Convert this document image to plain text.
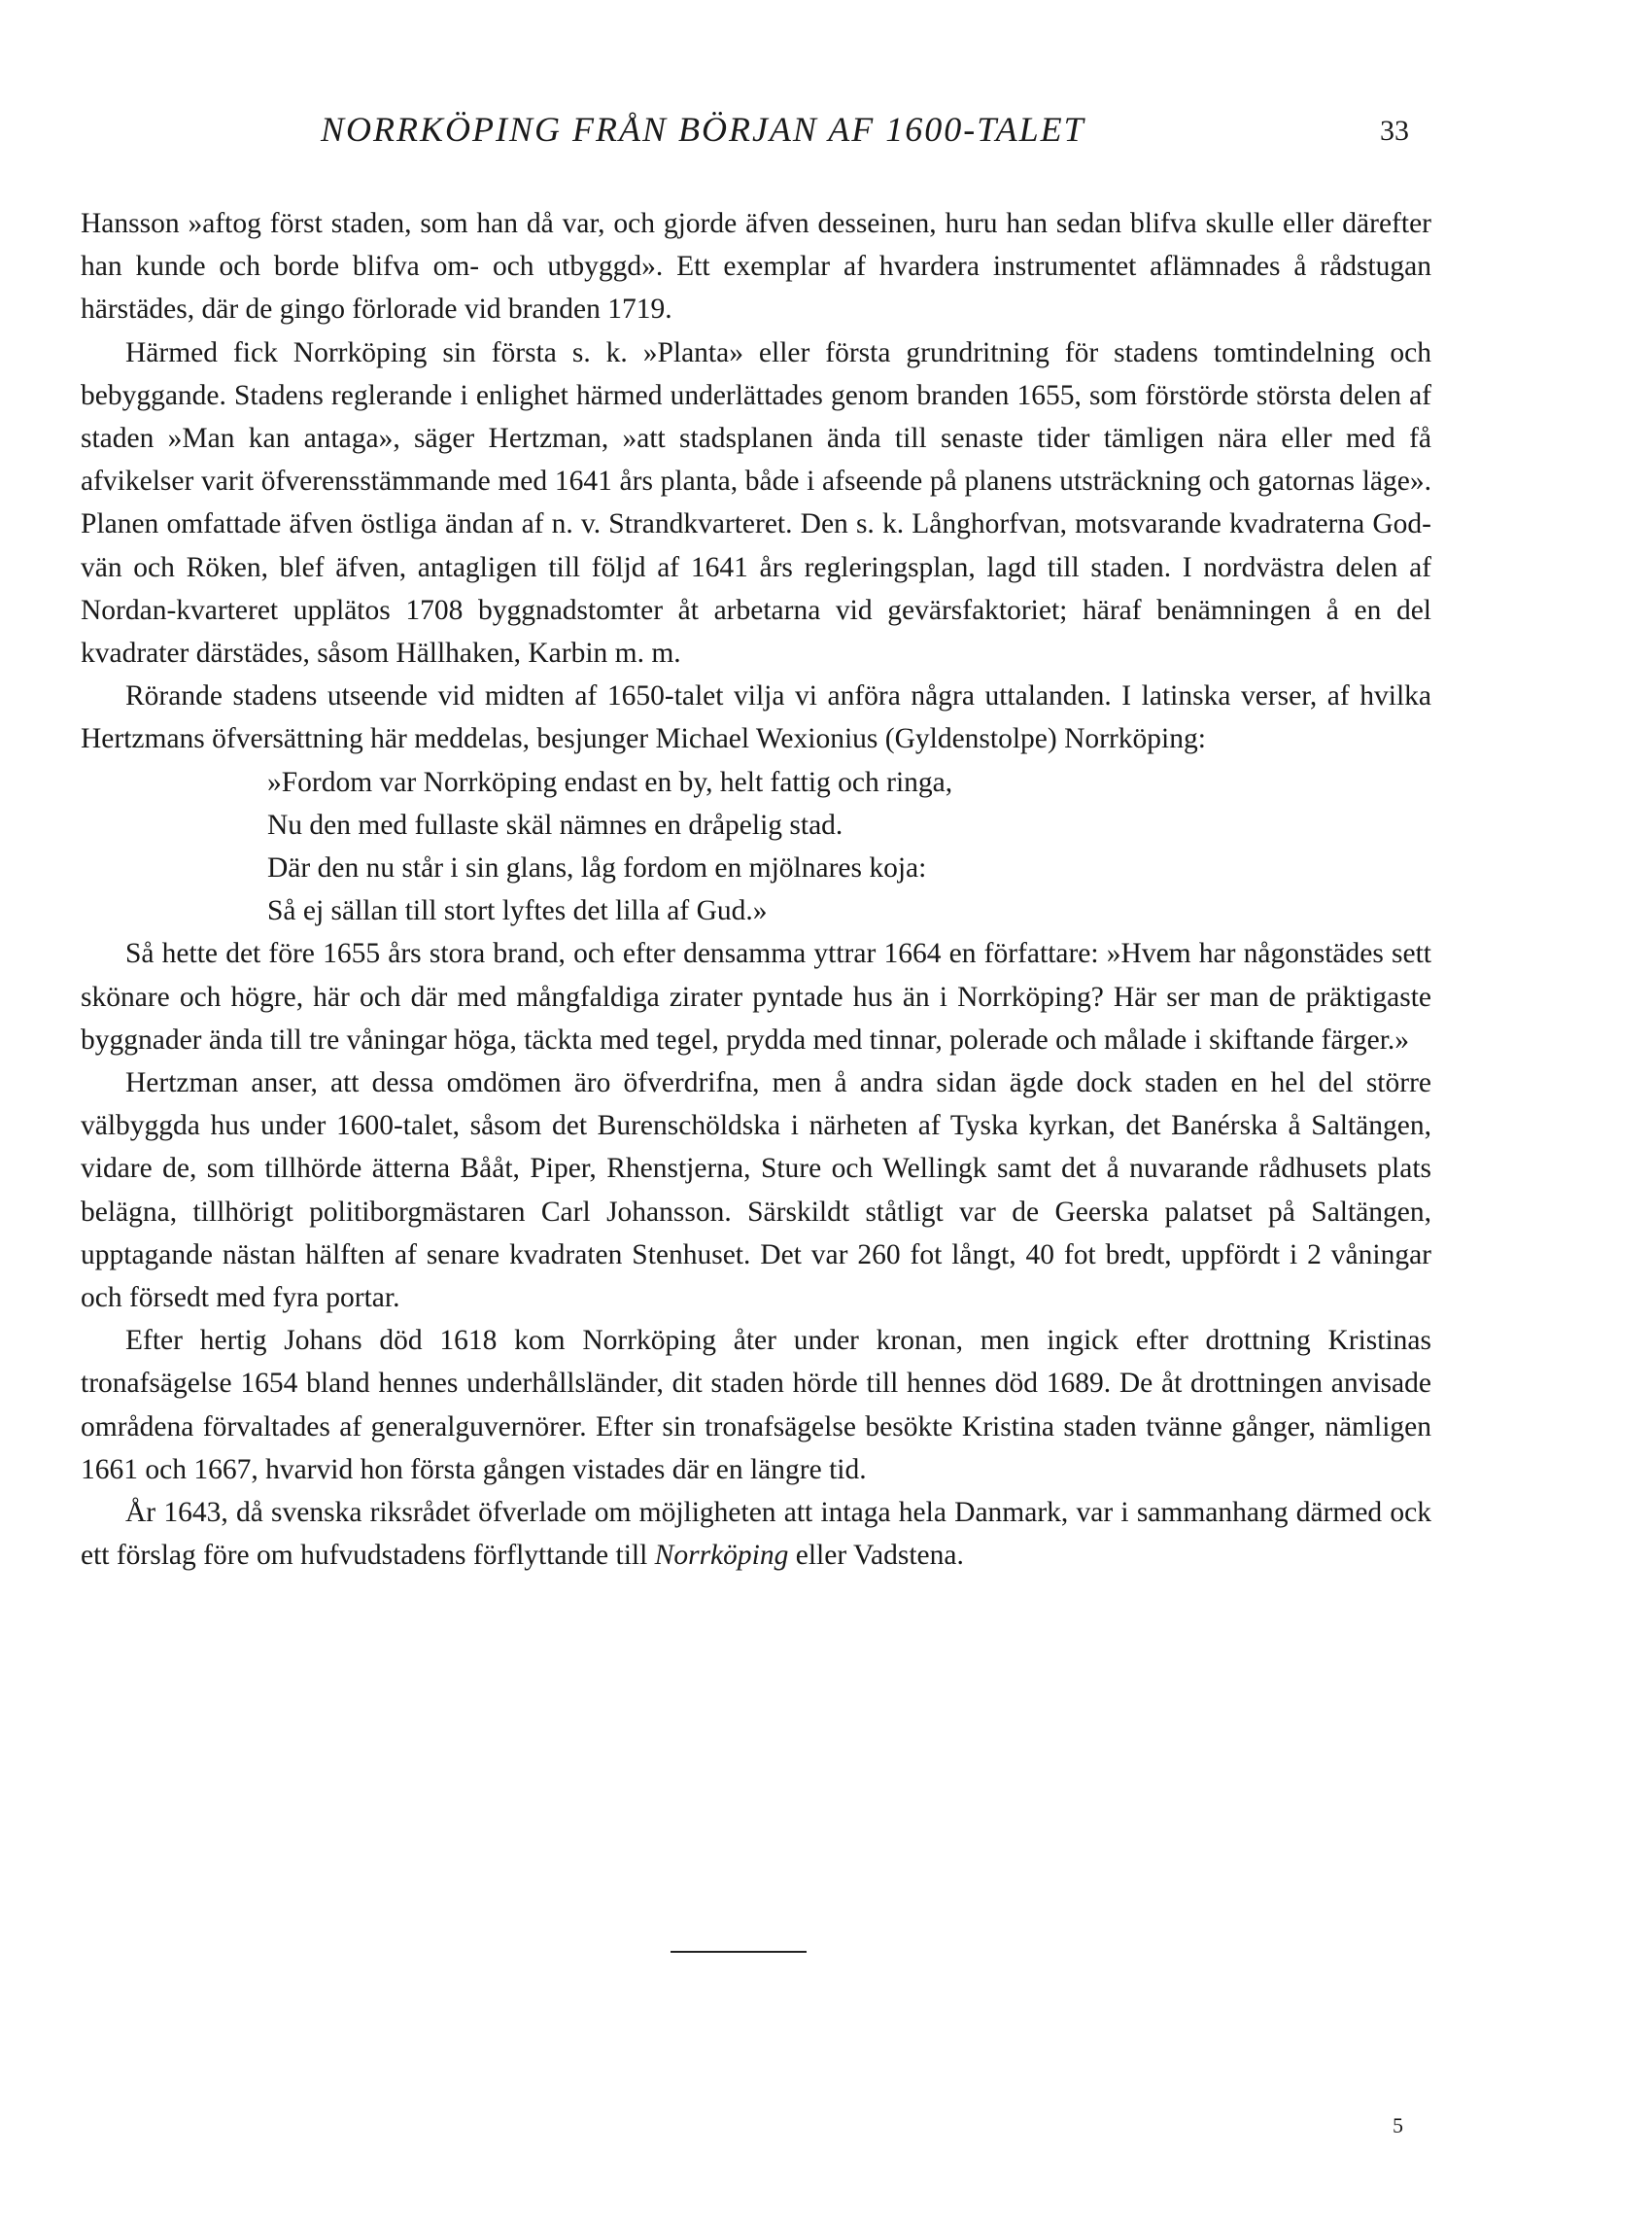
NORRKÖPING FRÅN BÖRJAN AF 1600-TALET	33

Hansson »aftog först staden, som han då var, och gjorde äfven desseinen, huru han sedan blifva skulle eller därefter han kunde och borde blifva om- och utbyggd». Ett exemplar af hvardera instrumentet aflämnades å rådstugan härstädes, där de gingo förlorade vid branden 1719.

Härmed fick Norrköping sin första s. k. »Planta» eller första grundritning för stadens tomtindelning och bebyggande. Stadens reglerande i enlighet härmed underlättades genom branden 1655, som förstörde största delen af staden »Man kan antaga», säger Hertzman, »att stadsplanen ända till senaste tider tämligen nära eller med få afvikelser varit öfverensstämmande med 1641 års planta, både i afseende på planens utsträckning och gatornas läge». Planen omfattade äfven östliga ändan af n. v. Strandkvarteret. Den s. k. Långhorfvan, motsvarande kvadraterna God-vän och Röken, blef äfven, antagligen till följd af 1641 års regleringsplan, lagd till staden. I nordvästra delen af Nordan-kvarteret upplätos 1708 byggnadstomter åt arbetarna vid gevärsfaktoriet; häraf benämningen å en del kvadrater därstädes, såsom Hällhaken, Karbin m. m.

Rörande stadens utseende vid midten af 1650-talet vilja vi anföra några uttalanden. I latinska verser, af hvilka Hertzmans öfversättning här meddelas, besjunger Michael Wexionius (Gyldenstolpe) Norrköping:

»Fordom var Norrköping endast en by, helt fattig och ringa,
Nu den med fullaste skäl nämnes en dråpelig stad.
Där den nu står i sin glans, låg fordom en mjölnares koja:
Så ej sällan till stort lyftes det lilla af Gud.»

Så hette det före 1655 års stora brand, och efter densamma yttrar 1664 en författare: »Hvem har någonstädes sett skönare och högre, här och där med mångfaldiga zirater pyntade hus än i Norrköping? Här ser man de präktigaste byggnader ända till tre våningar höga, täckta med tegel, prydda med tinnar, polerade och målade i skiftande färger.»

Hertzman anser, att dessa omdömen äro öfverdrifna, men å andra sidan ägde dock staden en hel del större välbyggda hus under 1600-talet, såsom det Burenschöldska i närheten af Tyska kyrkan, det Banérska å Saltängen, vidare de, som tillhörde ätterna Bååt, Piper, Rhenstjerna, Sture och Wellingk samt det å nuvarande rådhusets plats belägna, tillhörigt politiborgmästaren Carl Johansson. Särskildt ståtligt var de Geerska palatset på Saltängen, upptagande nästan hälften af senare kvadraten Stenhuset. Det var 260 fot långt, 40 fot bredt, uppfördt i 2 våningar och försedt med fyra portar.

Efter hertig Johans död 1618 kom Norrköping åter under kronan, men ingick efter drottning Kristinas tronafsägelse 1654 bland hennes underhållsländer, dit staden hörde till hennes död 1689. De åt drottningen anvisade områdena förvaltades af generalguvernörer. Efter sin tronafsägelse besökte Kristina staden tvänne gånger, nämligen 1661 och 1667, hvarvid hon första gången vistades där en längre tid.

År 1643, då svenska riksrådet öfverlade om möjligheten att intaga hela Danmark, var i sammanhang därmed ock ett förslag före om hufvudstadens förflyttande till Norrköping eller Vadstena.

5
